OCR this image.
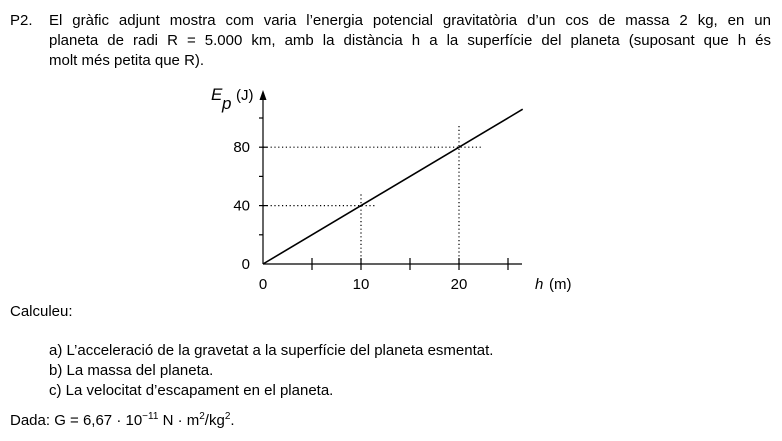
P2. El gràfic adjunt mostra com varia l’energia potencial gravitatòria d’un cos de massa 2 kg, en un
planeta de radi R = 5.000 km, amb la distància h a la superfície del planeta (suposant que h és
molt més petita que R).
0	10	20
0
40
80
E p (J)
h (m)
Calculeu:
a) L’acceleració de la gravetat a la superfície del planeta esmentat.
b) La massa del planeta.
c) La velocitat d’escapament en el planeta.
Dada: $G = 6,67 \cdot 10^{-11}$ $N \cdot m^2/kg^2$.
